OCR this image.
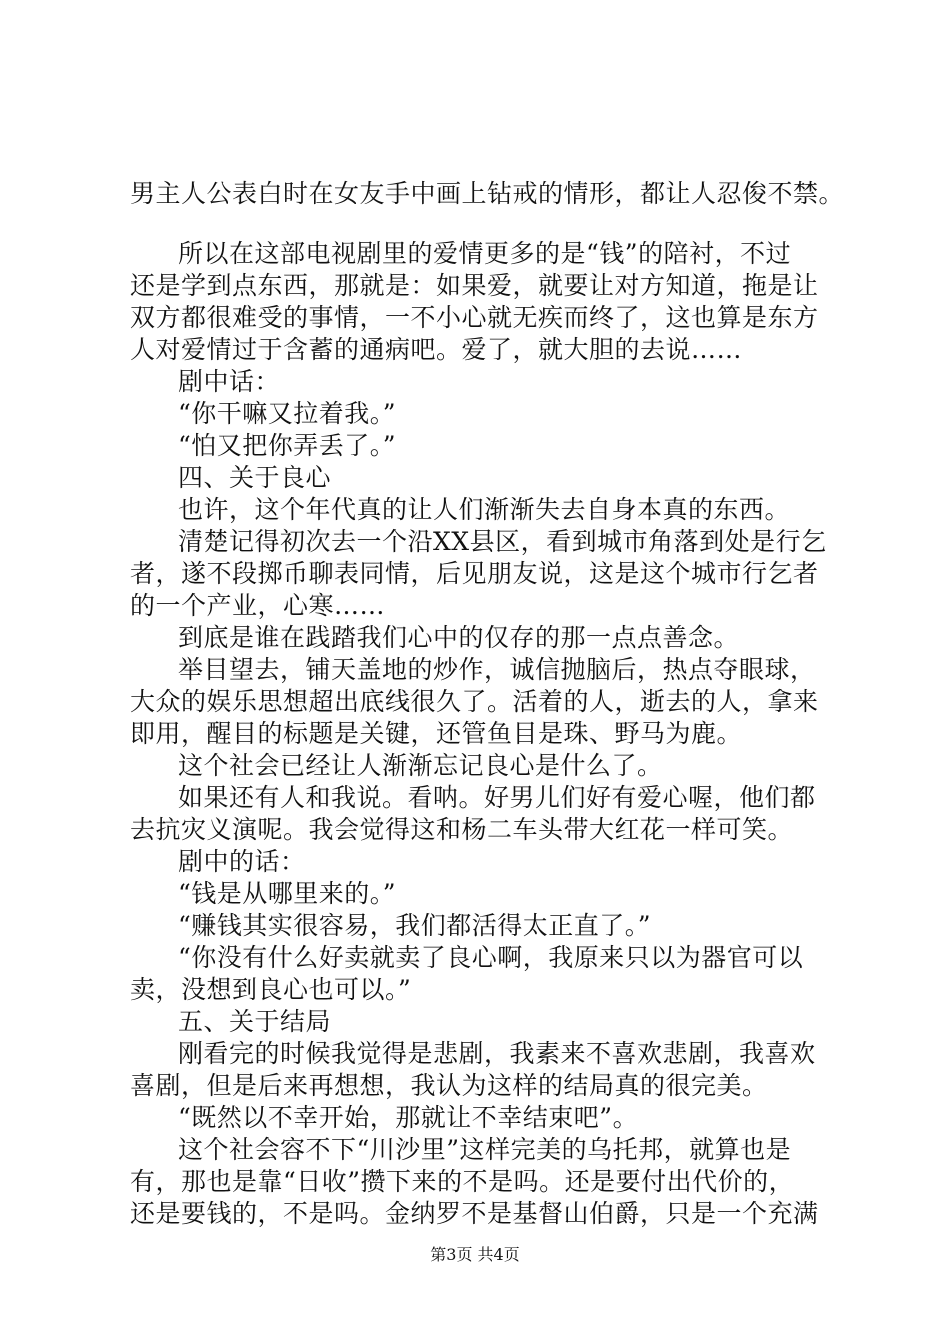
男主人公表白时在女友手中画上钻戒的情形，都让人忍俊不禁。
所以在这部电视剧里的爱情更多的是“钱”的陪衬，不过
还是学到点东西，那就是：如果爱，就要让对方知道，拖是让
双方都很难受的事情，一不小心就无疾而终了，这也算是东方
人对爱情过于含蓄的通病吧。爱了，就大胆的去说……
剧中话：
“你干嘛又拉着我。”
“怕又把你弄丢了。”
四、关于良心
也许，这个年代真的让人们渐渐失去自身本真的东西。
清楚记得初次去一个沿XX县区，看到城市角落到处是行乞
者，遂不段掷币聊表同情，后见朋友说，这是这个城市行乞者
的一个产业，心寒……
到底是谁在践踏我们心中的仅存的那一点点善念。
举目望去，铺天盖地的炒作，诚信抛脑后，热点夺眼球，
大众的娱乐思想超出底线很久了。活着的人，逝去的人，拿来
即用，醒目的标题是关键，还管鱼目是珠、野马为鹿。
这个社会已经让人渐渐忘记良心是什么了。
如果还有人和我说。看呐。好男儿们好有爱心喔，他们都
去抗灾义演呢。我会觉得这和杨二车头带大红花一样可笑。
剧中的话：
“钱是从哪里来的。”
“赚钱其实很容易，我们都活得太正直了。”
“你没有什么好卖就卖了良心啊，我原来只以为器官可以
卖，没想到良心也可以。”
五、关于结局
刚看完的时候我觉得是悲剧，我素来不喜欢悲剧，我喜欢
喜剧，但是后来再想想，我认为这样的结局真的很完美。
“既然以不幸开始，那就让不幸结束吧”。
这个社会容不下“川沙里”这样完美的乌托邦，就算也是
有，那也是靠“日收”攒下来的不是吗。还是要付出代价的，
还是要钱的，不是吗。金纳罗不是基督山伯爵，只是一个充满
第3页 共4页
